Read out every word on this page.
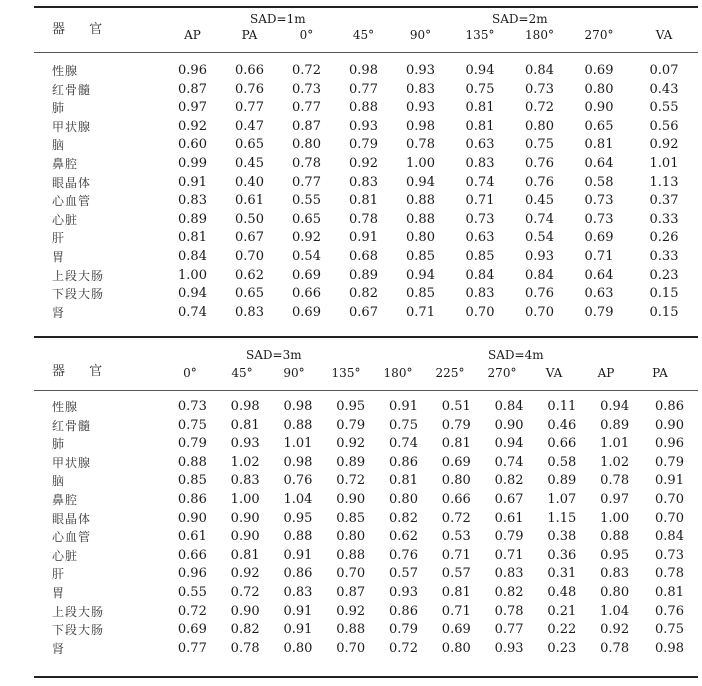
器 官
SAD=1m	SAD=2m
AP	PA	0°	45°	90°	135°	180°	270°	VA
性腺	0.96	0.66	0.72	0.98	0.93	0.94	0.84	0.69	0.07
红骨髓	0.87	0.76	0.73	0.77	0.83	0.75	0.73	0.80	0.43
肺	0.97	0.77	0.77	0.88	0.93	0.81	0.72	0.90	0.55
甲状腺	0.92	0.47	0.87	0.93	0.98	0.81	0.80	0.65	0.56
脑	0.60	0.65	0.80	0.79	0.78	0.63	0.75	0.81	0.92
鼻腔	0.99	0.45	0.78	0.92	1.00	0.83	0.76	0.64	1.01
眼晶体	0.91	0.40	0.77	0.83	0.94	0.74	0.76	0.58	1.13
心血管	0.83	0.61	0.55	0.81	0.88	0.71	0.45	0.73	0.37
心脏	0.89	0.50	0.65	0.78	0.88	0.73	0.74	0.73	0.33
肝	0.81	0.67	0.92	0.91	0.80	0.63	0.54	0.69	0.26
胃	0.84	0.70	0.54	0.68	0.85	0.85	0.93	0.71	0.33
上段大肠	1.00	0.62	0.69	0.89	0.94	0.84	0.84	0.64	0.23
下段大肠	0.94	0.65	0.66	0.82	0.85	0.83	0.76	0.63	0.15
肾	0.74	0.83	0.69	0.67	0.71	0.70	0.70	0.79	0.15
器 官
SAD=3m	SAD=4m
0°	45°	90°	135°	180°	225°	270°	VA	AP	PA
性腺	0.73	0.98	0.98	0.95	0.91	0.51	0.84	0.11	0.94	0.86
红骨髓	0.75	0.81	0.88	0.79	0.75	0.79	0.90	0.46	0.89	0.90
肺	0.79	0.93	1.01	0.92	0.74	0.81	0.94	0.66	1.01	0.96
甲状腺	0.88	1.02	0.98	0.89	0.86	0.69	0.74	0.58	1.02	0.79
脑	0.85	0.83	0.76	0.72	0.81	0.80	0.82	0.89	0.78	0.91
鼻腔	0.86	1.00	1.04	0.90	0.80	0.66	0.67	1.07	0.97	0.70
眼晶体	0.90	0.90	0.95	0.85	0.82	0.72	0.61	1.15	1.00	0.70
心血管	0.61	0.90	0.88	0.80	0.62	0.53	0.79	0.38	0.88	0.84
心脏	0.66	0.81	0.91	0.88	0.76	0.71	0.71	0.36	0.95	0.73
肝	0.96	0.92	0.86	0.70	0.57	0.57	0.83	0.31	0.83	0.78
胃	0.55	0.72	0.83	0.87	0.93	0.81	0.82	0.48	0.80	0.81
上段大肠	0.72	0.90	0.91	0.92	0.86	0.71	0.78	0.21	1.04	0.76
下段大肠	0.69	0.82	0.91	0.88	0.79	0.69	0.77	0.22	0.92	0.75
肾	0.77	0.78	0.80	0.70	0.72	0.80	0.93	0.23	0.78	0.98
